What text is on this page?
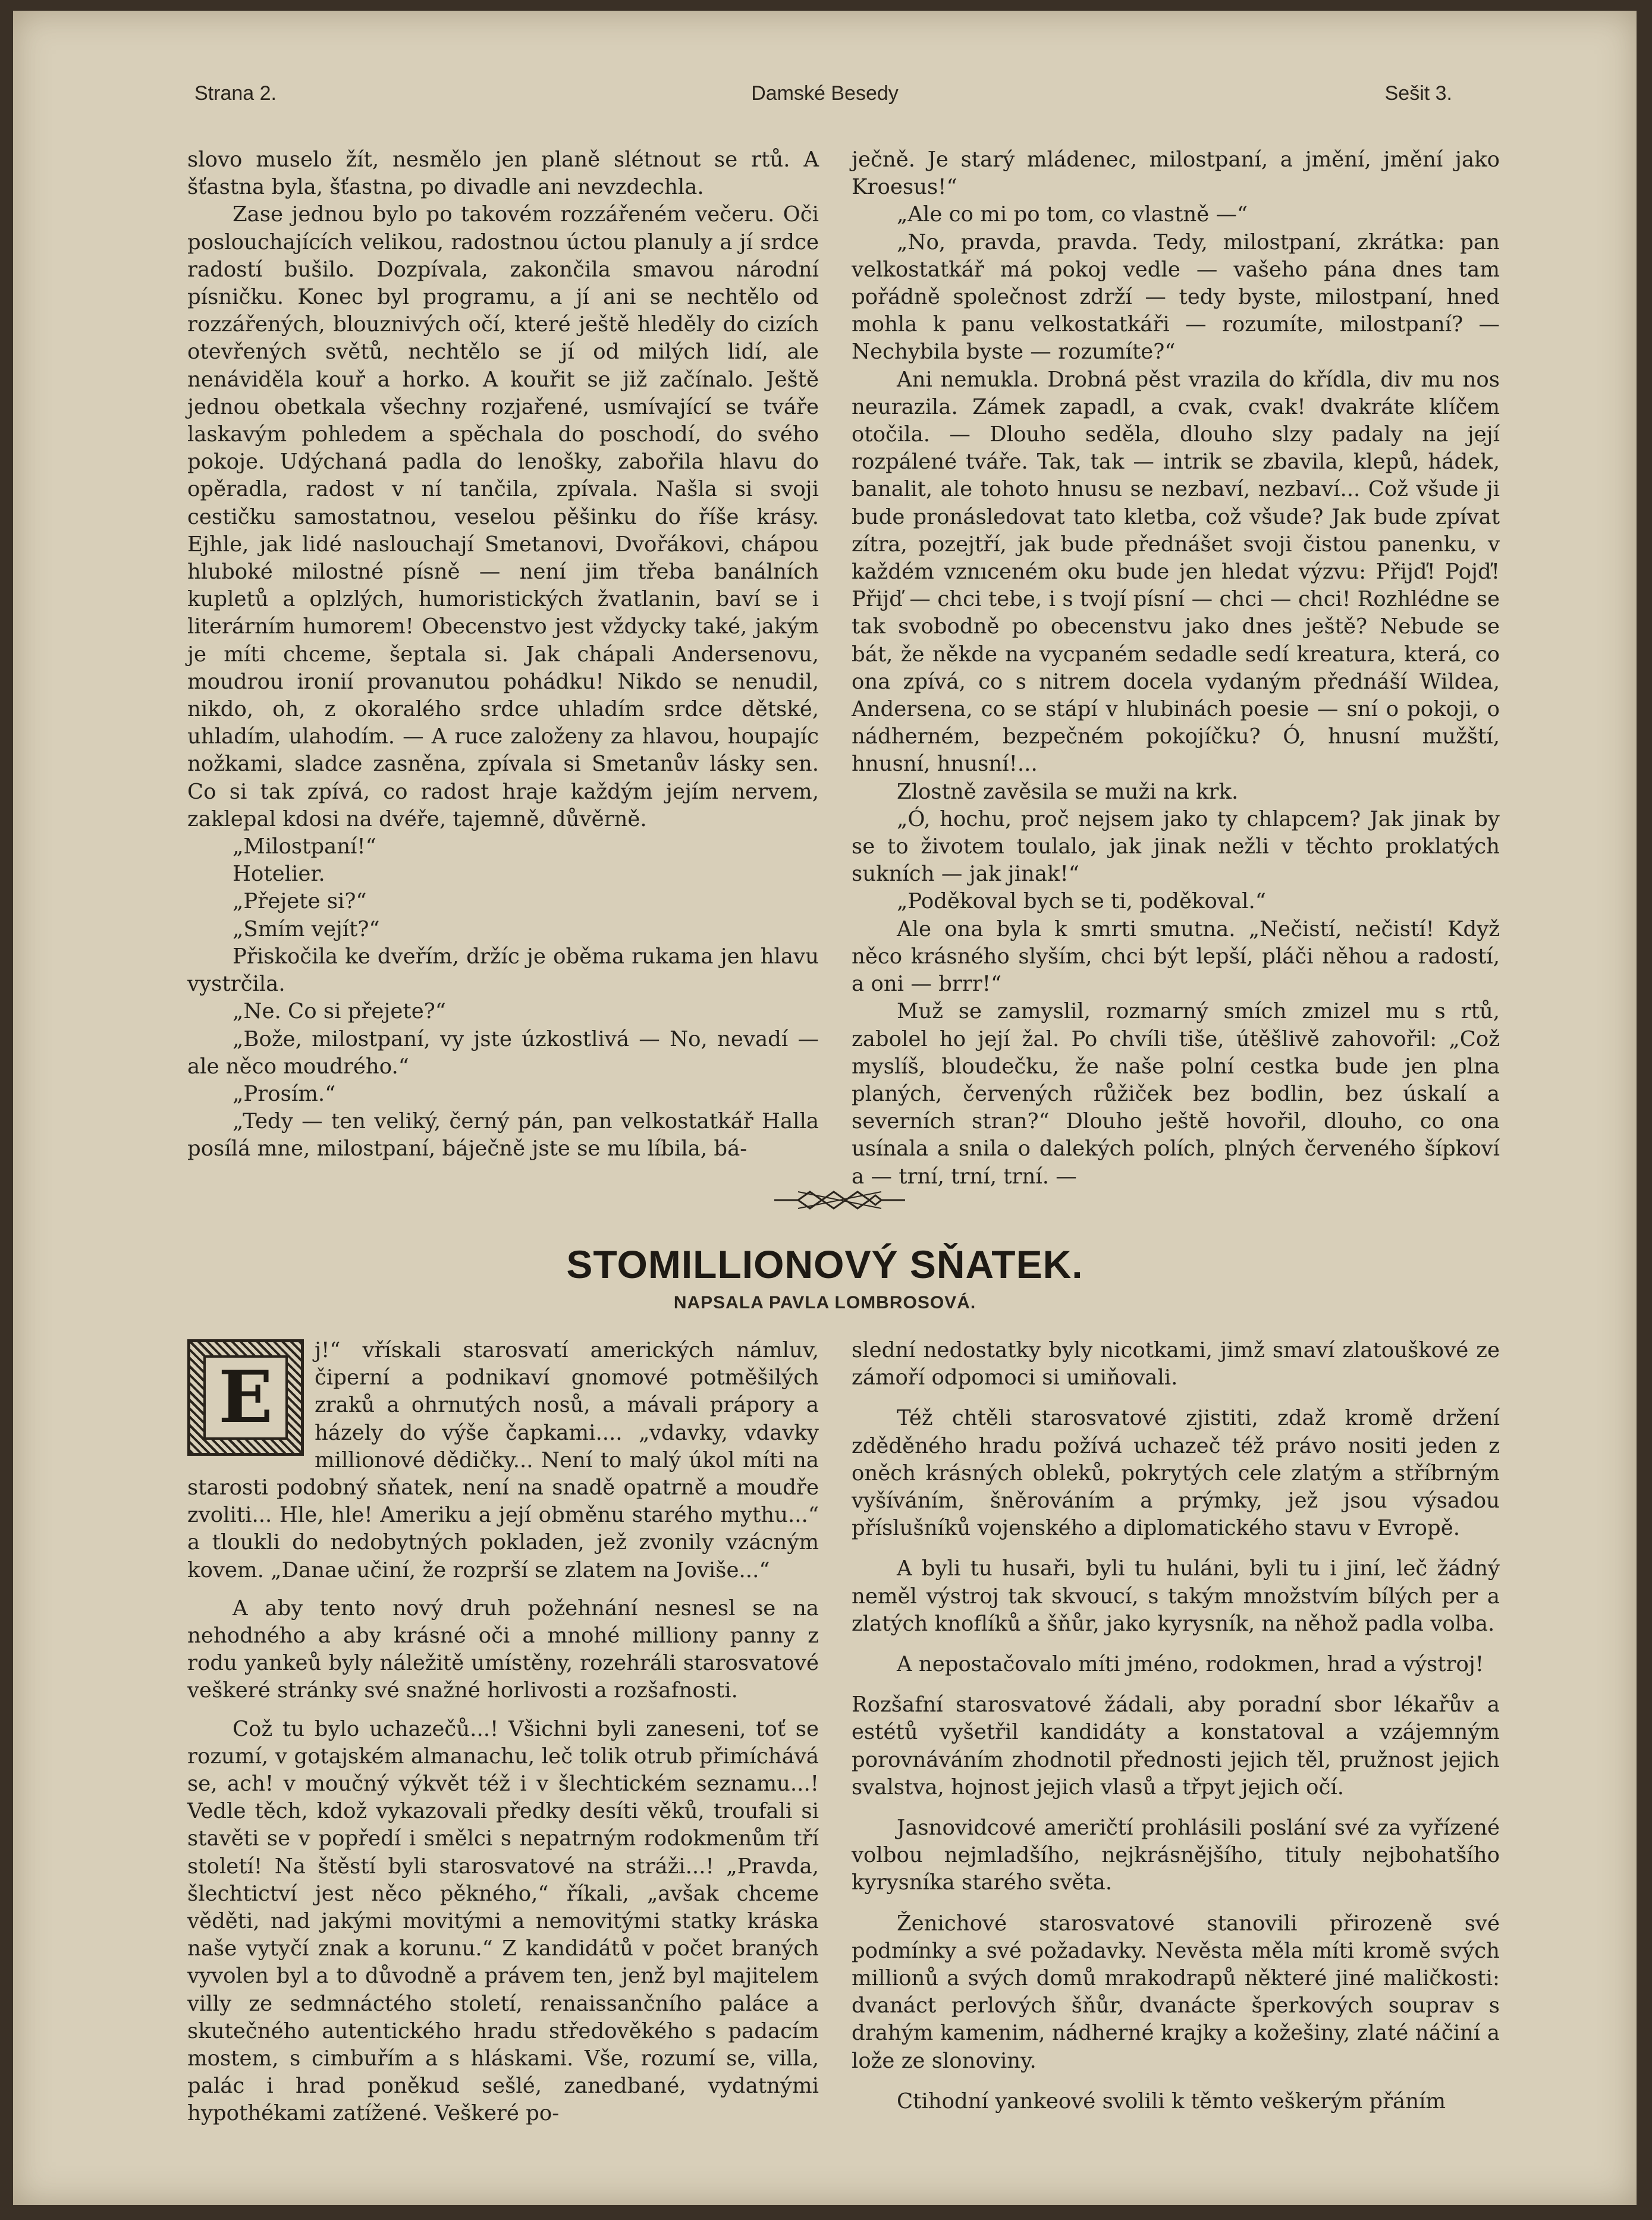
Strana 2.	Damské Besedy	Sešit 3.

slovo muselo žít, nesmělo jen planě slétnout se rtů. A šťastna byla, šťastna, po divadle ani nevzdechla.

Zase jednou bylo po takovém rozzářeném večeru. Oči poslouchajících velikou, radostnou úctou planuly a jí srdce radostí bušilo. Dozpívala, zakončila smavou národní písničku. Konec byl programu, a jí ani se nechtělo od rozzářených, blouznivých očí, které ještě hleděly do cizích otevřených světů, nechtělo se jí od milých lidí, ale nenáviděla kouř a horko. A kouřit se již začínalo. Ještě jednou obetkala všechny rozjařené, usmívající se tváře laskavým pohledem a spěchala do poschodí, do svého pokoje. Udýchaná padla do lenošky, zabořila hlavu do opěradla, radost v ní tančila, zpívala. Našla si svoji cestičku samostatnou, veselou pěšinku do říše krásy. Ejhle, jak lidé naslouchají Smetanovi, Dvořákovi, chápou hluboké milostné písně — není jim třeba banálních kupletů a oplzlých, humoristických žvatlanin, baví se i literárním humorem! Obecenstvo jest vždycky také, jakým je míti chceme, šeptala si. Jak chápali Andersenovu, moudrou ironií provanutou pohádku! Nikdo se nenudil, nikdo, oh, z okoralého srdce uhladím srdce dětské, uhladím, ulahodím. — A ruce založeny za hlavou, houpajíc nožkami, sladce zasněna, zpívala si Smetanův lásky sen. Co si tak zpívá, co radost hraje každým jejím nervem, zaklepal kdosi na dvéře, tajemně, důvěrně.

„Milostpaní!“

Hotelier.

„Přejete si?“

„Smím vejít?“

Přiskočila ke dveřím, držíc je oběma rukama jen hlavu vystrčila.

„Ne. Co si přejete?“

„Bože, milostpaní, vy jste úzkostlivá — No, nevadí — ale něco moudrého.“

„Prosím.“

„Tedy — ten veliký, černý pán, pan velkostatkář Halla posílá mne, milostpaní, báječně jste se mu líbila, bá-

ječně. Je starý mládenec, milostpaní, a jmění, jmění jako Kroesus!“

„Ale co mi po tom, co vlastně —“

„No, pravda, pravda. Tedy, milostpaní, zkrátka: pan velkostatkář má pokoj vedle — vašeho pána dnes tam pořádně společnost zdrží — tedy byste, milostpaní, hned mohla k panu velkostatkáři — rozumíte, milostpaní? — Nechybila byste — rozumíte?“

Ani nemukla. Drobná pěst vrazila do křídla, div mu nos neurazila. Zámek zapadl, a cvak, cvak! dvakráte klíčem otočila. — Dlouho seděla, dlouho slzy padaly na její rozpálené tváře. Tak, tak — intrik se zbavila, klepů, hádek, banalit, ale tohoto hnusu se nezbaví, nezbaví... Což všude ji bude pronásledovat tato kletba, což všude? Jak bude zpívat zítra, pozejtří, jak bude přednášet svoji čistou panenku, v každém vznıceném oku bude jen hledat výzvu: Přijď! Pojď! Přijď — chci tebe, i s tvojí písní — chci — chci! Rozhlédne se tak svobodně po obecenstvu jako dnes ještě? Nebude se bát, že někde na vycpaném sedadle sedí kreatura, která, co ona zpívá, co s nitrem docela vydaným přednáší Wildea, Andersena, co se stápí v hlubinách poesie — sní o pokoji, o nádherném, bezpečném pokojíčku? Ó, hnusní mužští, hnusní, hnusní!...

Zlostně zavěsila se muži na krk.

„Ó, hochu, proč nejsem jako ty chlapcem? Jak jinak by se to životem toulalo, jak jinak nežli v těchto proklatých sukních — jak jinak!“

„Poděkoval bych se ti, poděkoval.“

Ale ona byla k smrti smutna. „Nečistí, nečistí! Když něco krásného slyším, chci být lepší, pláči něhou a radostí, a oni — brrr!“

Muž se zamyslil, rozmarný smích zmizel mu s rtů, zabolel ho její žal. Po chvíli tiše, útěšlivě zahovořil: „Což myslíš, bloudečku, že naše polní cestka bude jen plna planých, červených růžiček bez bodlin, bez úskalí a severních stran?“ Dlouho ještě hovořil, dlouho, co ona usínala a snila o dalekých polích, plných červeného šípkoví a — trní, trní, trní. —

STOMILLIONOVÝ SŇATEK.
NAPSALA PAVLA LOMBROSOVÁ.

E
j!“ vřískali starosvatí amerických námluv, čiperní a podnikaví gnomové potměšilých zraků a ohrnutých nosů, a mávali prápory a házely do výše čapkami.... „vdavky, vdavky millionové dědičky... Není to malý úkol míti na starosti podobný sňatek, není na snadě opatrně a moudře zvoliti... Hle, hle! Ameriku a její obměnu starého mythu...“ a tloukli do nedobytných pokladen, jež zvonily vzácným kovem. „Danae učiní, že rozprší se zlatem na Joviše...“

A aby tento nový druh požehnání nesnesl se na nehodného a aby krásné oči a mnohé milliony panny z rodu yankeů byly náležitě umístěny, rozehráli starosvatové veškeré stránky své snažné horlivosti a rozšafnosti.

Což tu bylo uchazečů...! Všichni byli zaneseni, toť se rozumí, v gotajském almanachu, leč tolik otrub přimíchává se, ach! v moučný výkvět též i v šlechtickém seznamu...! Vedle těch, kdož vykazovali předky desíti věků, troufali si stavěti se v popředí i smělci s nepatrným rodokmenům tří století! Na štěstí byli starosvatové na stráži...! „Pravda, šlechtictví jest něco pěkného,“ říkali, „avšak chceme věděti, nad jakými movitými a nemovitými statky kráska naše vytyčí znak a korunu.“ Z kandidátů v počet braných vyvolen byl a to důvodně a právem ten, jenž byl majitelem villy ze sedmnáctého století, renaissančního paláce a skutečného autentického hradu středověkého s padacím mostem, s cimbuřím a s hláskami. Vše, rozumí se, villa, palác i hrad poněkud sešlé, zanedbané, vydatnými hypothékami zatížené. Veškeré po-

slední nedostatky byly nicotkami, jimž smaví zlatouškové ze zámoří odpomoci si umiňovali.

Též chtěli starosvatové zjistiti, zdaž kromě držení zděděného hradu požívá uchazeč též právo nositi jeden z oněch krásných obleků, pokrytých cele zlatým a stříbrným vyšíváním, šněrováním a prýmky, jež jsou výsadou příslušníků vojenského a diplomatického stavu v Evropě.

A byli tu husaři, byli tu huláni, byli tu i jiní, leč žádný neměl výstroj tak skvoucí, s takým množstvím bílých per a zlatých knoflíků a šňůr, jako kyrysník, na něhož padla volba.

A nepostačovalo míti jméno, rodokmen, hrad a výstroj!

Rozšafní starosvatové žádali, aby poradní sbor lékařův a estétů vyšetřil kandidáty a konstatoval a vzájemným porovnáváním zhodnotil přednosti jejich těl, pružnost jejich svalstva, hojnost jejich vlasů a třpyt jejich očí.

Jasnovidcové američtí prohlásili poslání své za vyřízené volbou nejmladšího, nejkrásnějšího, tituly nejbohatšího kyrysníka starého světa.

Ženichové starosvatové stanovili přirozeně své podmínky a své požadavky. Nevěsta měla míti kromě svých millionů a svých domů mrakodrapů některé jiné maličkosti: dvanáct perlových šňůr, dvanácte šperkových souprav s drahým kamenim, nádherné krajky a kožešiny, zlaté náčiní a lože ze slonoviny.

Ctihodní yankeové svolili k těmto veškerým přáním
